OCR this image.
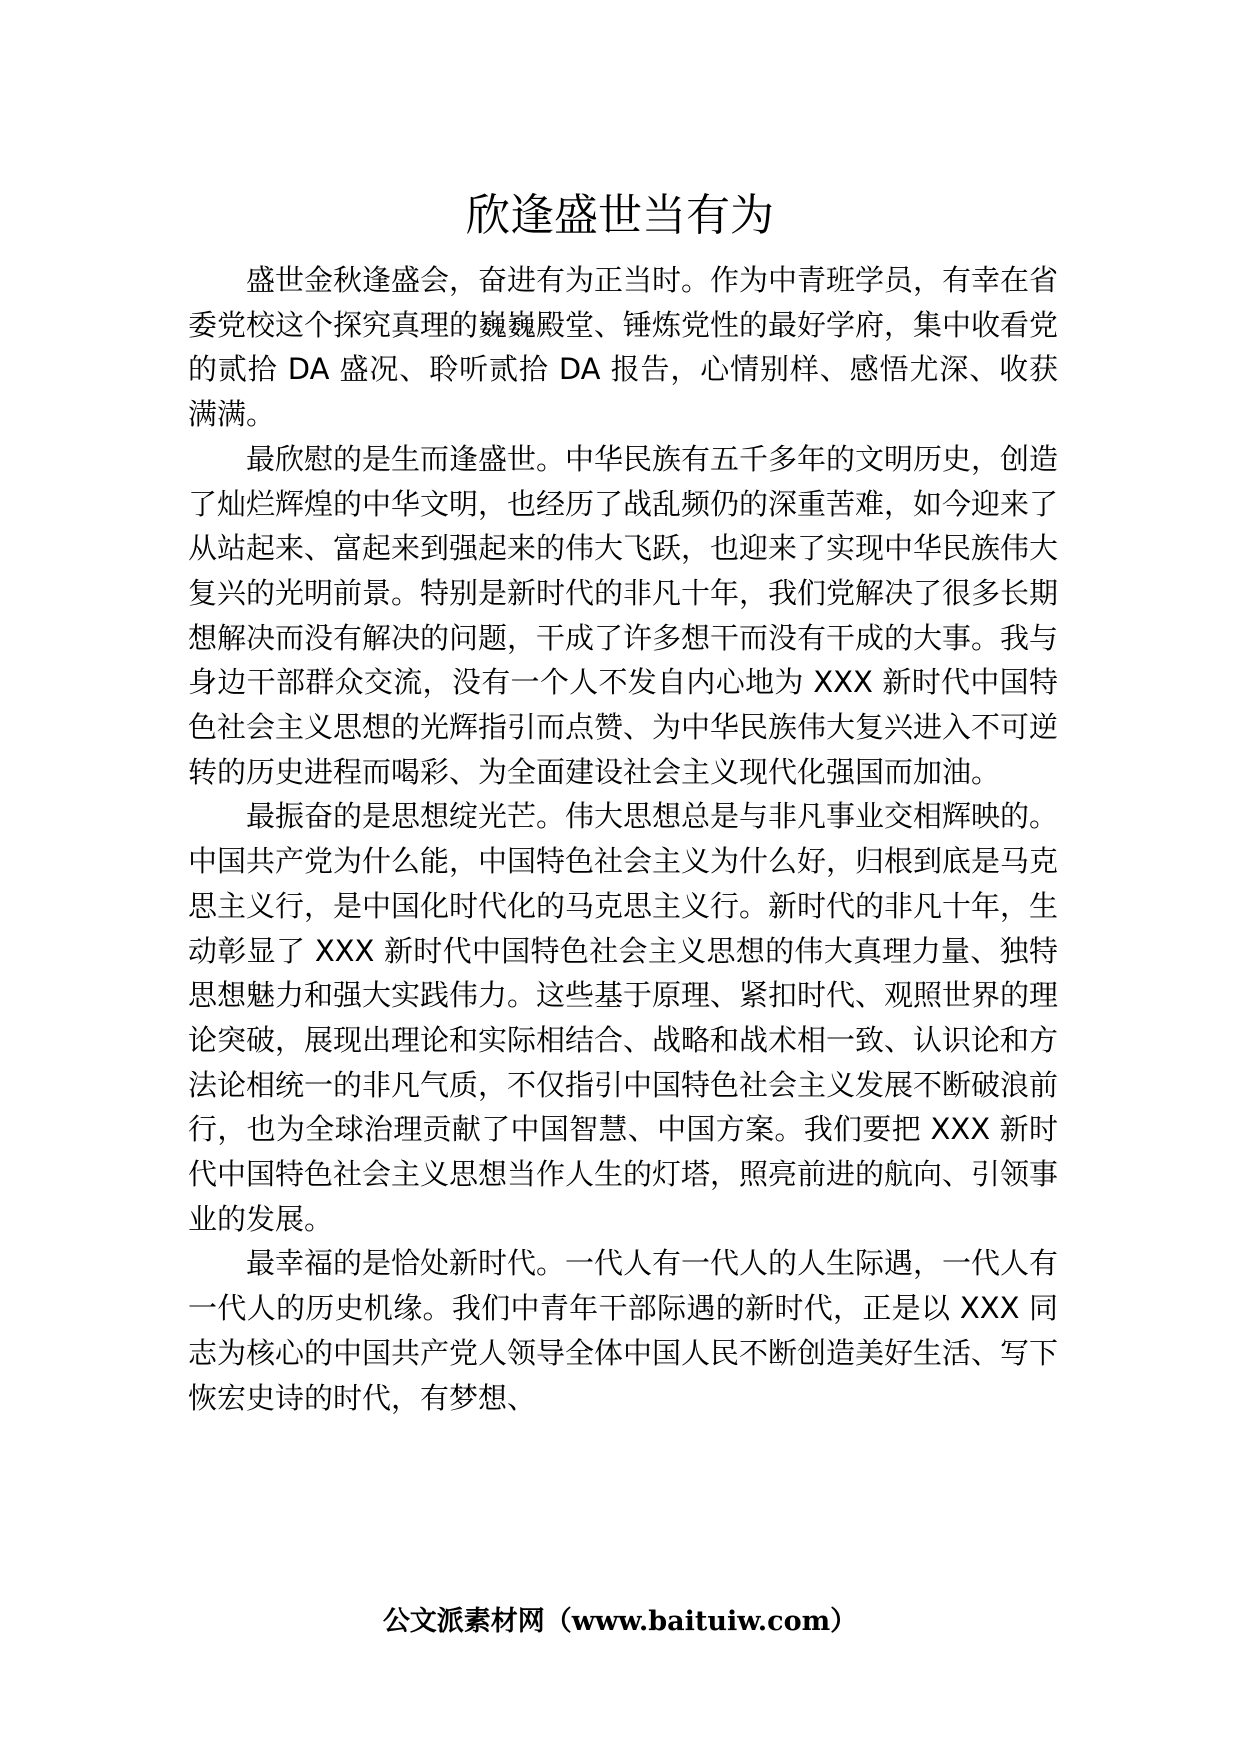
欣逢盛世当有为

盛世金秋逢盛会，奋进有为正当时。作为中青班学员，有幸在省委党校这个探究真理的巍巍殿堂、锤炼党性的最好学府，集中收看党的贰拾 DA 盛况、聆听贰拾 DA 报告，心情别样、感悟尤深、收获满满。

最欣慰的是生而逢盛世。中华民族有五千多年的文明历史，创造了灿烂辉煌的中华文明，也经历了战乱频仍的深重苦难，如今迎来了从站起来、富起来到强起来的伟大飞跃，也迎来了实现中华民族伟大复兴的光明前景。特别是新时代的非凡十年，我们党解决了很多长期想解决而没有解决的问题，干成了许多想干而没有干成的大事。我与身边干部群众交流，没有一个人不发自内心地为 XXX 新时代中国特色社会主义思想的光辉指引而点赞、为中华民族伟大复兴进入不可逆转的历史进程而喝彩、为全面建设社会主义现代化强国而加油。

最振奋的是思想绽光芒。伟大思想总是与非凡事业交相辉映的。中国共产党为什么能，中国特色社会主义为什么好，归根到底是马克思主义行，是中国化时代化的马克思主义行。新时代的非凡十年，生动彰显了 XXX 新时代中国特色社会主义思想的伟大真理力量、独特思想魅力和强大实践伟力。这些基于原理、紧扣时代、观照世界的理论突破，展现出理论和实际相结合、战略和战术相一致、认识论和方法论相统一的非凡气质，不仅指引中国特色社会主义发展不断破浪前行，也为全球治理贡献了中国智慧、中国方案。我们要把 XXX 新时代中国特色社会主义思想当作人生的灯塔，照亮前进的航向、引领事业的发展。

最幸福的是恰处新时代。一代人有一代人的人生际遇，一代人有一代人的历史机缘。我们中青年干部际遇的新时代，正是以 XXX 同志为核心的中国共产党人领导全体中国人民不断创造美好生活、写下恢宏史诗的时代，有梦想、

公文派素材网（www.baituiw.com）
